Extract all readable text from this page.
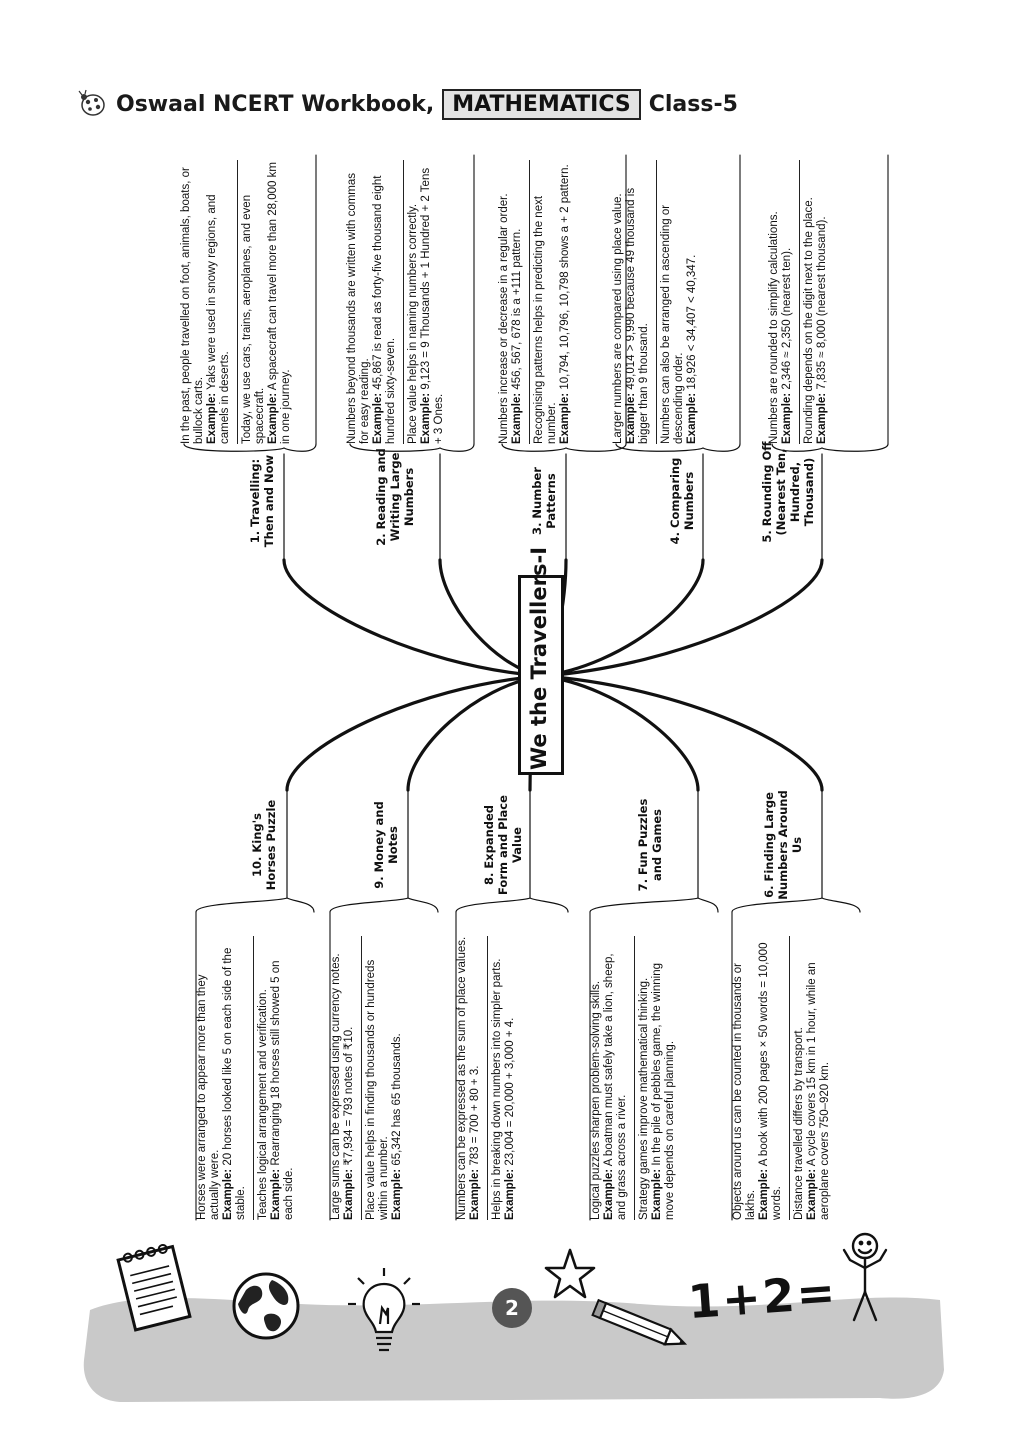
Oswaal NCERT Workbook, MATHEMATICS Class-5
We the Travellers-I
1. Travelling: Then and Now
In the past, people travelled on foot, animals, boats, or bullock carts.
Example: Yaks were used in snowy regions, and camels in deserts. Today, we use cars, trains, aeroplanes, and even spacecraft.
Example: A spacecraft can travel more than 28,000 km in one journey.
2. Reading and Writing Large Numbers
Numbers beyond thousands are written with commas for easy reading.
Example: 45,867 is read as forty-five thousand eight hundred sixty-seven. Place value helps in naming numbers correctly.
Example: 9,123 = 9 Thousands + 1 Hundred + 2 Tens + 3 Ones.
3. Number Patterns
Numbers increase or decrease in a regular order.
Example: 456, 567, 678 is a +111 pattern. Recognising patterns helps in predicting the next number.
Example: 10,794, 10,796, 10,798 shows a + 2 pattern.
4. Comparing Numbers
Larger numbers are compared using place value.
Example: 49,014 > 9,990 because 49 thousand is bigger than 9 thousand. Numbers can also be arranged in ascending or descending order.
Example: 18,926 < 34,407 < 40,347.
5. Rounding Off (Nearest Ten, Hundred, Thousand)
Numbers are rounded to simplify calculations.
Example: 2,346 ≈ 2,350 (nearest ten). Rounding depends on the digit next to the place.
Example: 7,835 ≈ 8,000 (nearest thousand).
6. Finding Large Numbers Around Us
Objects around us can be counted in thousands or lakhs.
Example: A book with 200 pages × 50 words = 10,000 words. Distance travelled differs by transport.
Example: A cycle covers 15 km in 1 hour, while an aeroplane covers 750–920 km.
7. Fun Puzzles and Games
Logical puzzles sharpen problem-solving skills.
Example: A boatman must safely take a lion, sheep, and grass across a river. Strategy games improve mathematical thinking.
Example: In the pile of pebbles game, the winning move depends on careful planning.
8. Expanded Form and Place Value
Numbers can be expressed as the sum of place values.
Example: 783 = 700 + 80 + 3. Helps in breaking down numbers into simpler parts.
Example: 23,004 = 20,000 + 3,000 + 4.
9. Money and Notes
Large sums can be expressed using currency notes.
Example: ₹7,934 = 793 notes of ₹10. Place value helps in finding thousands or hundreds within a number.
Example: 65,342 has 65 thousands.
10. King's Horses Puzzle
Horses were arranged to appear more than they actually were.
Example: 20 horses looked like 5 on each side of the stable. Teaches logical arrangement and verification.
Example: Rearranging 18 horses still showed 5 on each side.
2	1+2=
